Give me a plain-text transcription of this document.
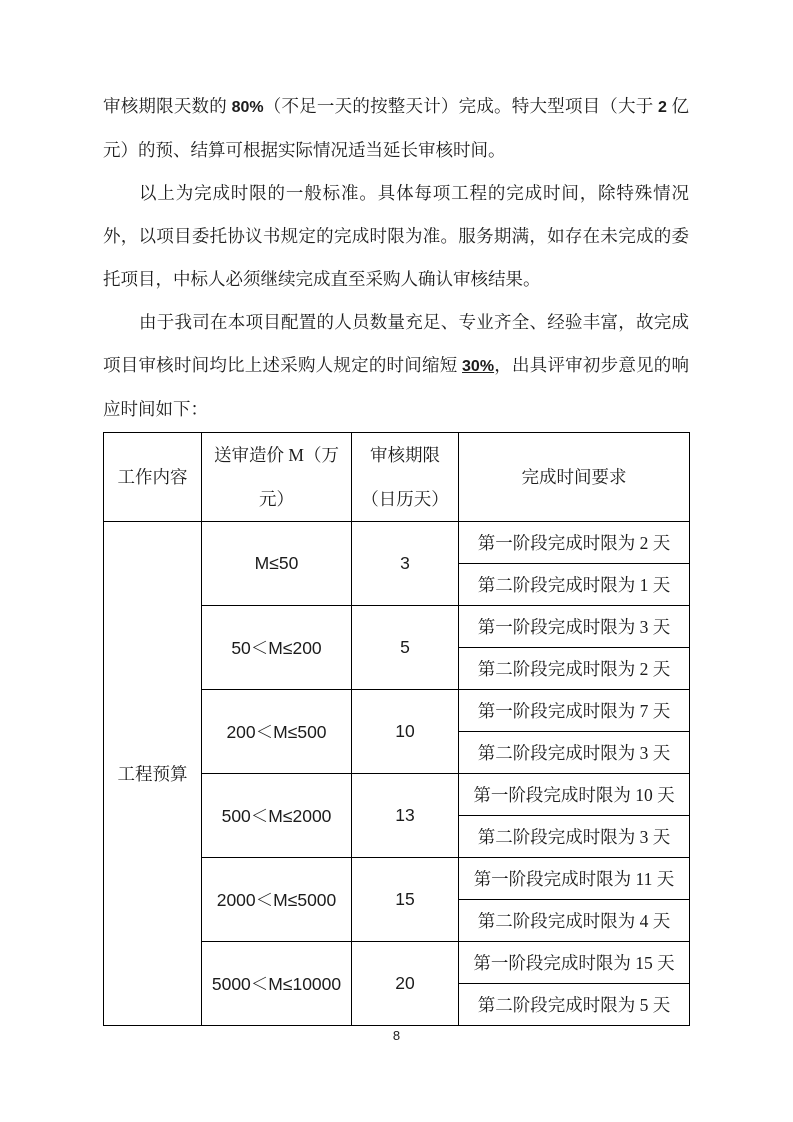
审核期限天数的 80%（不足一天的按整天计）完成。特大型项目（大于 2 亿元）的预、结算可根据实际情况适当延长审核时间。

以上为完成时限的一般标准。具体每项工程的完成时间，除特殊情况外，以项目委托协议书规定的完成时限为准。服务期满，如存在未完成的委托项目，中标人必须继续完成直至采购人确认审核结果。

由于我司在本项目配置的人员数量充足、专业齐全、经验丰富，故完成项目审核时间均比上述采购人规定的时间缩短 30%，出具评审初步意见的响应时间如下：

工作内容	送审造价 M（万元）	审核期限（日历天）	完成时间要求
工程预算	M≤50	3	第一阶段完成时限为 2 天
			第二阶段完成时限为 1 天
	50＜M≤200	5	第一阶段完成时限为 3 天
			第二阶段完成时限为 2 天
	200＜M≤500	10	第一阶段完成时限为 7 天
			第二阶段完成时限为 3 天
	500＜M≤2000	13	第一阶段完成时限为 10 天
			第二阶段完成时限为 3 天
	2000＜M≤5000	15	第一阶段完成时限为 11 天
			第二阶段完成时限为 4 天
	5000＜M≤10000	20	第一阶段完成时限为 15 天
			第二阶段完成时限为 5 天
8
